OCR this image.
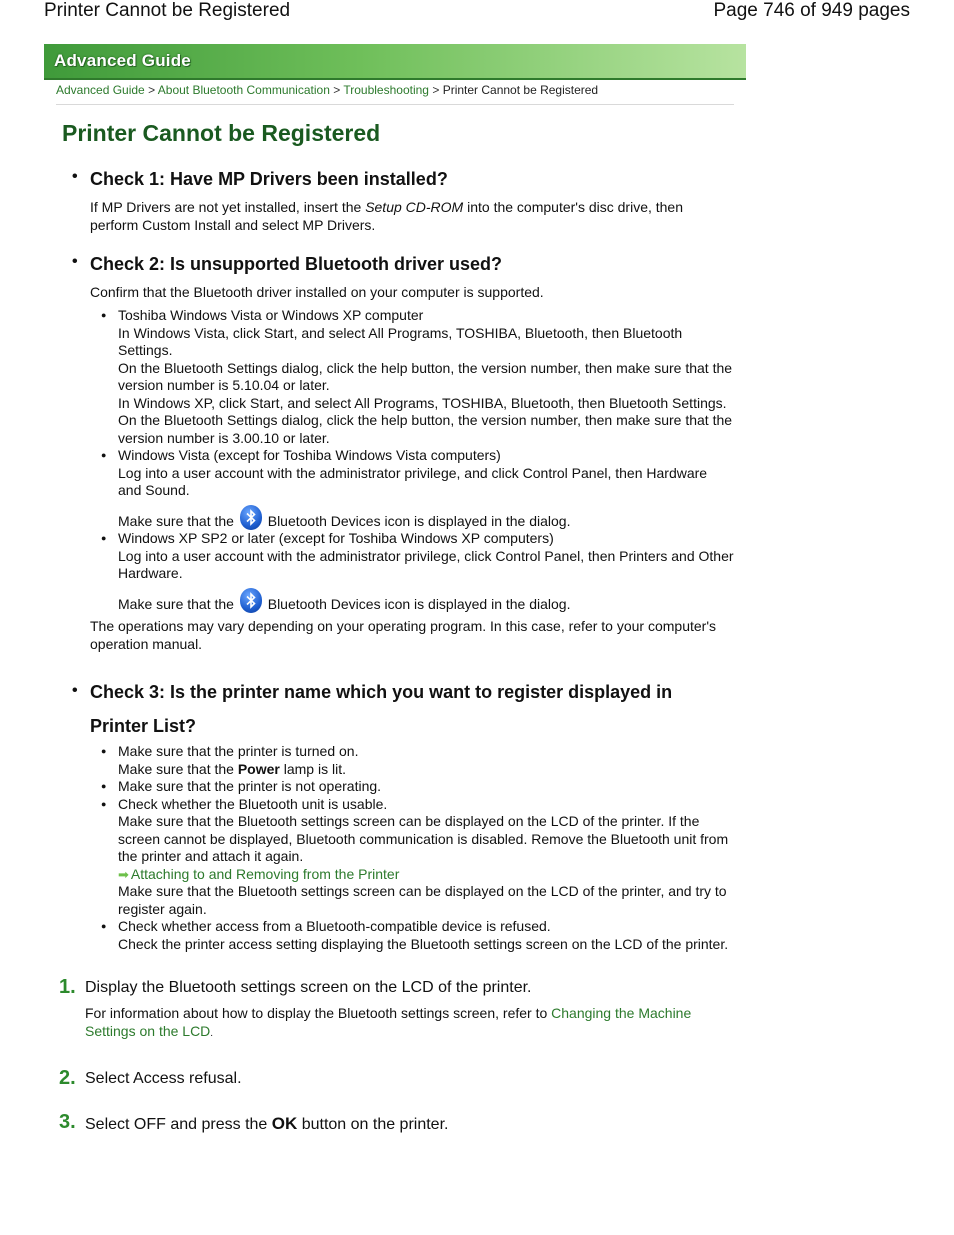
Printer Cannot be Registered	Page 746 of 949 pages
Advanced Guide
Advanced Guide > About Bluetooth Communication > Troubleshooting > Printer Cannot be Registered
Printer Cannot be Registered
• Check 1: Have MP Drivers been installed?
If MP Drivers are not yet installed, insert the Setup CD-ROM into the computer's disc drive, then perform Custom Install and select MP Drivers.
• Check 2: Is unsupported Bluetooth driver used?
Confirm that the Bluetooth driver installed on your computer is supported.
● Toshiba Windows Vista or Windows XP computer
In Windows Vista, click Start, and select All Programs, TOSHIBA, Bluetooth, then Bluetooth Settings.
On the Bluetooth Settings dialog, click the help button, the version number, then make sure that the version number is 5.10.04 or later.
In Windows XP, click Start, and select All Programs, TOSHIBA, Bluetooth, then Bluetooth Settings.
On the Bluetooth Settings dialog, click the help button, the version number, then make sure that the version number is 3.00.10 or later.
● Windows Vista (except for Toshiba Windows Vista computers)
Log into a user account with the administrator privilege, and click Control Panel, then Hardware and Sound.
Make sure that the
Bluetooth Devices icon is displayed in the dialog.
● Windows XP SP2 or later (except for Toshiba Windows XP computers)
Log into a user account with the administrator privilege, click Control Panel, then Printers and Other Hardware.
Make sure that the
Bluetooth Devices icon is displayed in the dialog.
The operations may vary depending on your operating program. In this case, refer to your computer's operation manual.
• Check 3: Is the printer name which you want to register displayed in
Printer List?
● Make sure that the printer is turned on.
Make sure that the Power lamp is lit.
● Make sure that the printer is not operating.
● Check whether the Bluetooth unit is usable.
Make sure that the Bluetooth settings screen can be displayed on the LCD of the printer. If the screen cannot be displayed, Bluetooth communication is disabled. Remove the Bluetooth unit from the printer and attach it again.
➡ Attaching to and Removing from the Printer
Make sure that the Bluetooth settings screen can be displayed on the LCD of the printer, and try to register again.
● Check whether access from a Bluetooth-compatible device is refused.
Check the printer access setting displaying the Bluetooth settings screen on the LCD of the printer.
1. Display the Bluetooth settings screen on the LCD of the printer.
For information about how to display the Bluetooth settings screen, refer to Changing the Machine Settings on the LCD.
2. Select Access refusal.
3. Select OFF and press the OK button on the printer.
